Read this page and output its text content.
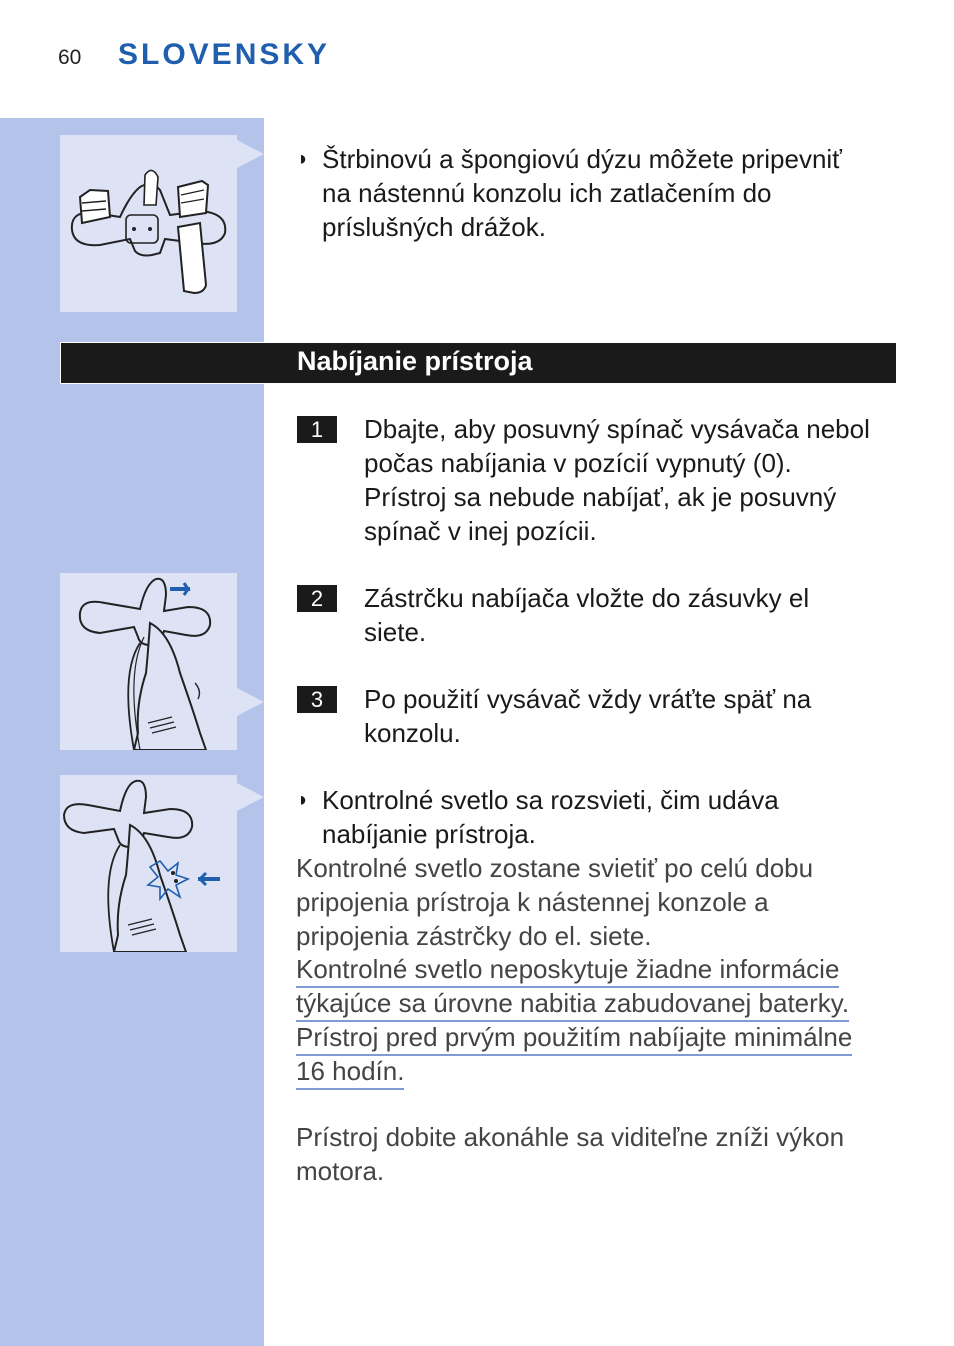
60 SLOVENSKY
◗ Štrbinovú a špongiovú dýzu môžete pripevniť
na nástennú konzolu ich zatlačením do
príslušných drážok.
Nabíjanie prístroja
1	Dbajte, aby posuvný spínač vysávača nebol
počas nabíjania v pozícií vypnutý (0).
Prístroj sa nebude nabíjať, ak je posuvný
spínač v inej pozícii.
2	Zástrčku nabíjača vložte do zásuvky el
siete.
3	Po použití vysávač vždy vráťte späť na
konzolu.
◗ Kontrolné svetlo sa rozsvieti, čim udáva
nabíjanie prístroja.
Kontrolné svetlo zostane svietiť po celú dobu
pripojenia prístroja k nástennej konzole a
pripojenia zástrčky do el. siete.
Kontrolné svetlo neposkytuje žiadne informácie
týkajúce sa úrovne nabitia zabudovanej baterky.
Prístroj pred prvým použitím nabíjajte minimálne
16 hodín.
Prístroj dobite akonáhle sa viditeľne zníži výkon
motora.
